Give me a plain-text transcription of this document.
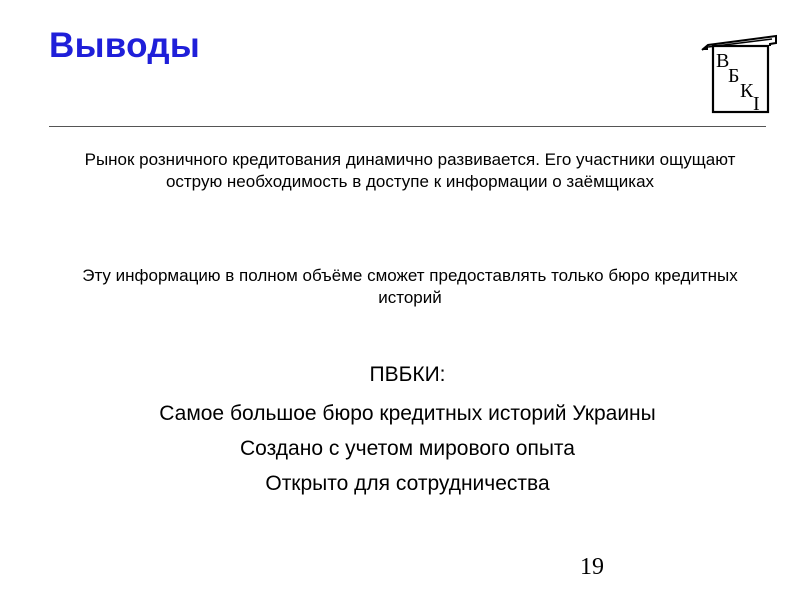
Выводы	В
Б
К
І

Рынок розничного кредитования динамично развивается. Его участники ощущают острую необходимость в доступе к информации о заёмщиках

Эту информацию в полном объёме сможет предоставлять только бюро кредитных историй

ПВБКИ:

Самое большое бюро кредитных историй Украины
Создано с учетом мирового опыта
Открыто для сотрудничества
19
